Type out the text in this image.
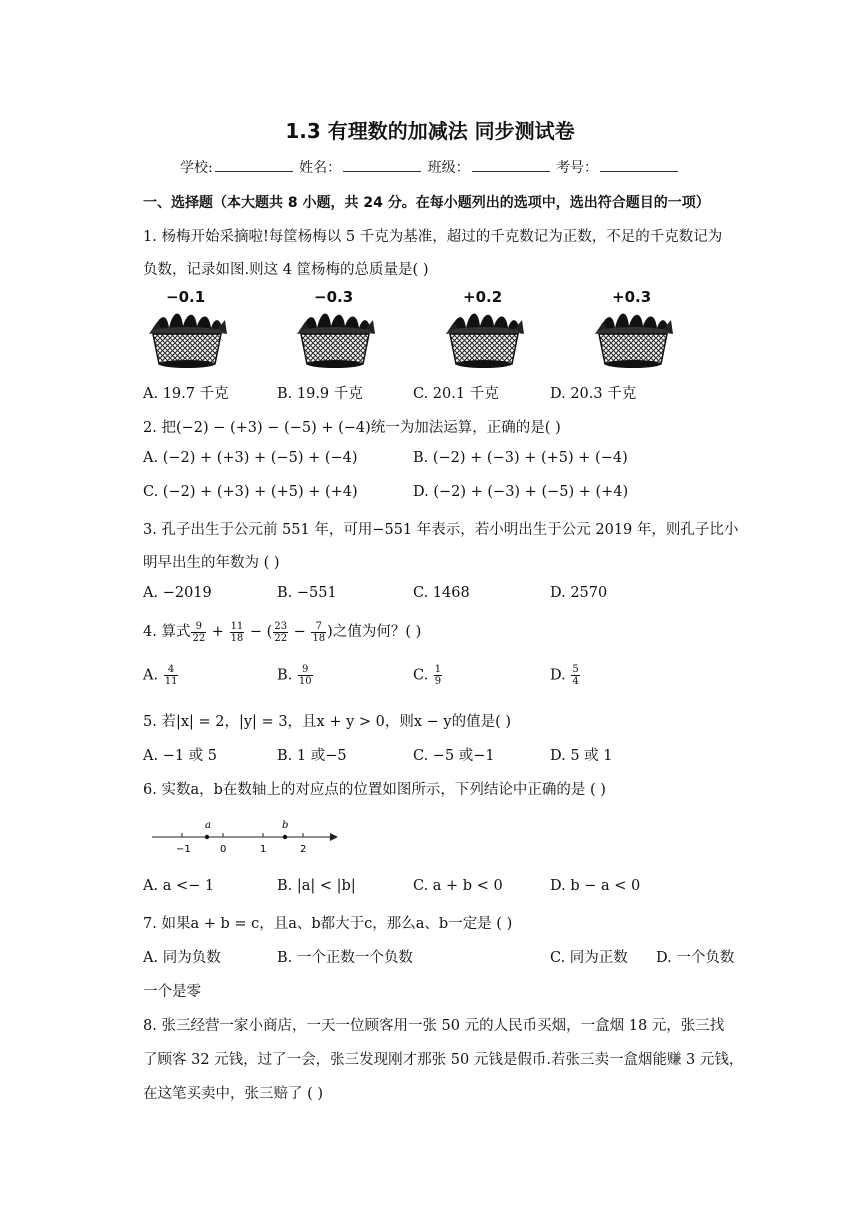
1.3 有理数的加减法 同步测试卷
学校:	姓名：	班级：	考号：
一、选择题（本大题共 8 小题，共 24 分。在每小题列出的选项中，选出符合题目的一项）
1. 杨梅开始采摘啦!每筐杨梅以 5 千克为基准，超过的千克数记为正数，不足的千克数记为
负数，记录如图.则这 4 筐杨梅的总质量是( )
−0.1	−0.3	+0.2	+0.3
A. 19.7 千克	B. 19.9 千克	C. 20.1 千克	D. 20.3 千克
2. 把(−2) − (+3) − (−5) + (−4)统一为加法运算，正确的是( )
A. (−2) + (+3) + (−5) + (−4)	B. (−2) + (−3) + (+5) + (−4)
C. (−2) + (+3) + (+5) + (+4)	D. (−2) + (−3) + (−5) + (+4)
3. 孔子出生于公元前 551 年，可用−551 年表示，若小明出生于公元 2019 年，则孔子比小
明早出生的年数为 ( )
A. −2019	B. −551	C. 1468	D. 2570
4. 算式 $\frac{9}{22} + \frac{11}{18}$ − ( $\frac{23}{22} - \frac{7}{18}$ )之值为何？( )
A. $\frac{4}{11}$	B. $\frac{9}{10}$	C. $\frac{1}{9}$	D. $\frac{5}{4}$
5. 若|x| = 2，|y| = 3，且x + y > 0，则x − y的值是( )
A. −1 或 5	B. 1 或−5	C. −5 或−1	D. 5 或 1
6. 实数a，b在数轴上的对应点的位置如图所示，下列结论中正确的是 ( )
a	b
−1	0	1	2
A. a <− 1	B. |a| < |b|	C. a + b < 0	D. b − a < 0
7. 如果a + b = c，且a、b都大于c，那么a、b一定是 ( )
A. 同为负数	B. 一个正数一个负数	C. 同为正数 D. 一个负数
一个是零
8. 张三经营一家小商店，一天一位顾客用一张 50 元的人民币买烟，一盒烟 18 元，张三找
了顾客 32 元钱，过了一会，张三发现刚才那张 50 元钱是假币.若张三卖一盒烟能赚 3 元钱，
在这笔买卖中，张三赔了 ( )
